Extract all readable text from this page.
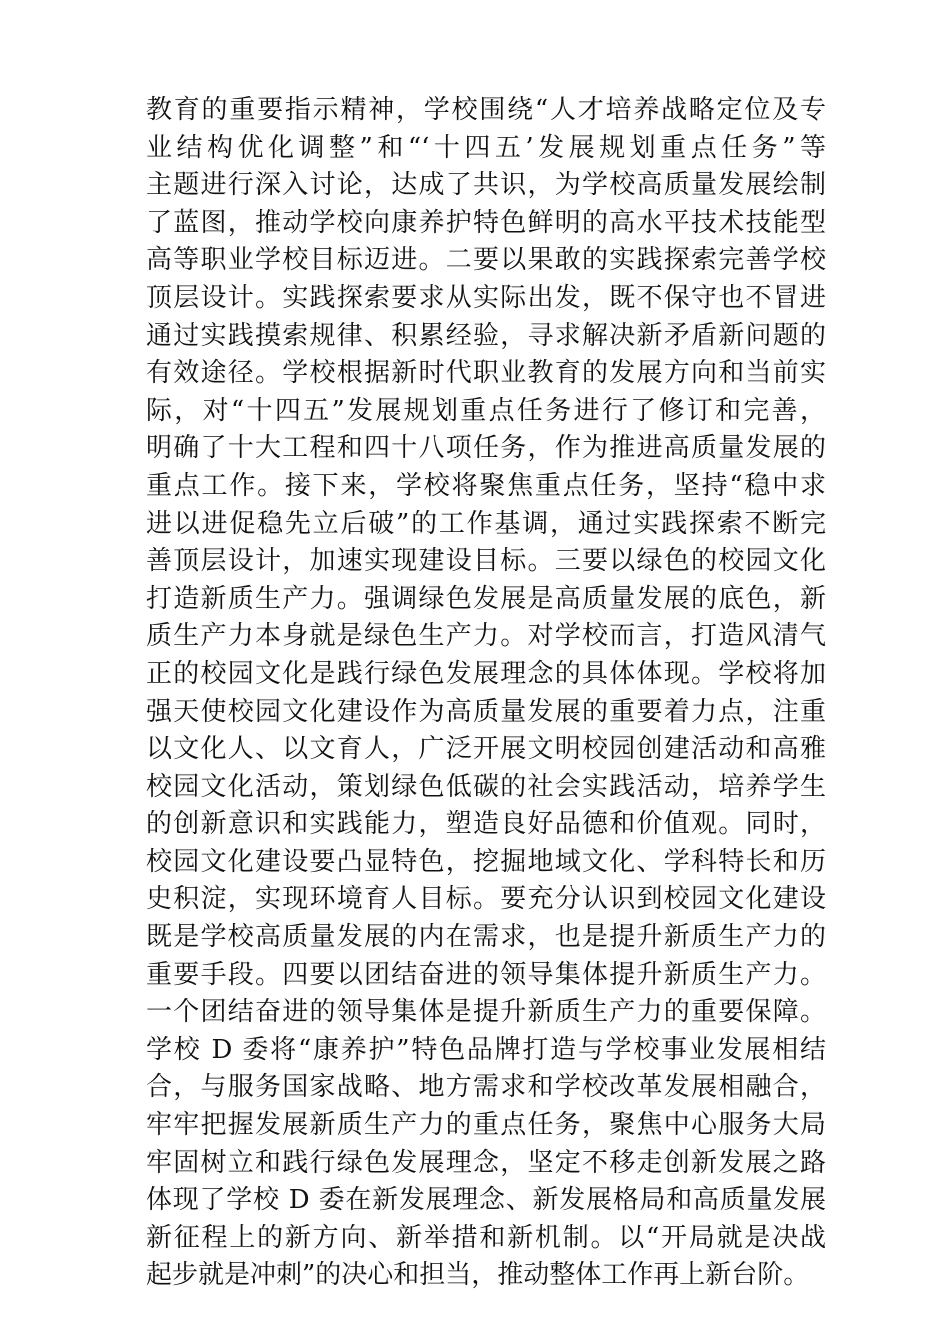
教育的重要指示精神，学校围绕“人才培养战略定位及专
业结构优化调整”和“‘十四五’发展规划重点任务”等
主题进行深入讨论，达成了共识，为学校高质量发展绘制
了蓝图，推动学校向康养护特色鲜明的高水平技术技能型
高等职业学校目标迈进。二要以果敢的实践探索完善学校
顶层设计。实践探索要求从实际出发，既不保守也不冒进
通过实践摸索规律、积累经验，寻求解决新矛盾新问题的
有效途径。学校根据新时代职业教育的发展方向和当前实
际，对“十四五”发展规划重点任务进行了修订和完善，
明确了十大工程和四十八项任务，作为推进高质量发展的
重点工作。接下来，学校将聚焦重点任务，坚持“稳中求
进以进促稳先立后破”的工作基调，通过实践探索不断完
善顶层设计，加速实现建设目标。三要以绿色的校园文化
打造新质生产力。强调绿色发展是高质量发展的底色，新
质生产力本身就是绿色生产力。对学校而言，打造风清气
正的校园文化是践行绿色发展理念的具体体现。学校将加
强天使校园文化建设作为高质量发展的重要着力点，注重
以文化人、以文育人，广泛开展文明校园创建活动和高雅
校园文化活动，策划绿色低碳的社会实践活动，培养学生
的创新意识和实践能力，塑造良好品德和价值观。同时，
校园文化建设要凸显特色，挖掘地域文化、学科特长和历
史积淀，实现环境育人目标。要充分认识到校园文化建设
既是学校高质量发展的内在需求，也是提升新质生产力的
重要手段。四要以团结奋进的领导集体提升新质生产力。
一个团结奋进的领导集体是提升新质生产力的重要保障。
学校 D 委将“康养护”特色品牌打造与学校事业发展相结
合，与服务国家战略、地方需求和学校改革发展相融合，
牢牢把握发展新质生产力的重点任务，聚焦中心服务大局
牢固树立和践行绿色发展理念，坚定不移走创新发展之路
体现了学校 D 委在新发展理念、新发展格局和高质量发展
新征程上的新方向、新举措和新机制。以“开局就是决战
起步就是冲刺”的决心和担当，推动整体工作再上新台阶。
